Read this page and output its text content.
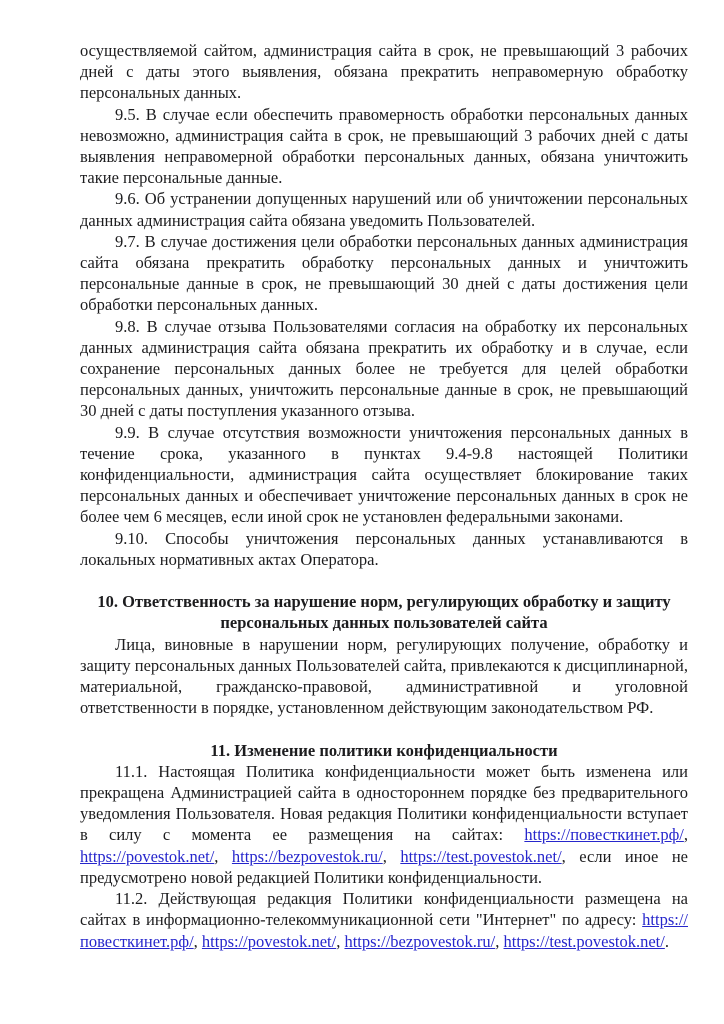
осуществляемой сайтом, администрация сайта в срок, не превышающий 3 рабочих дней с даты этого выявления, обязана прекратить неправомерную обработку персональных данных.

9.5. В случае если обеспечить правомерность обработки персональных данных невозможно, администрация сайта в срок, не превышающий 3 рабочих дней с даты выявления неправомерной обработки персональных данных, обязана уничтожить такие персональные данные.

9.6. Об устранении допущенных нарушений или об уничтожении персональных данных администрация сайта обязана уведомить Пользователей.

9.7. В случае достижения цели обработки персональных данных администрация сайта обязана прекратить обработку персональных данных и уничтожить персональные данные в срок, не превышающий 30 дней с даты достижения цели обработки персональных данных.

9.8. В случае отзыва Пользователями согласия на обработку их персональных данных администрация сайта обязана прекратить их обработку и в случае, если сохранение персональных данных более не требуется для целей обработки персональных данных, уничтожить персональные данные в срок, не превышающий 30 дней с даты поступления указанного отзыва.

9.9. В случае отсутствия возможности уничтожения персональных данных в течение срока, указанного в пунктах 9.4-9.8 настоящей Политики конфиденциальности, администрация сайта осуществляет блокирование таких персональных данных и обеспечивает уничтожение персональных данных в срок не более чем 6 месяцев, если иной срок не установлен федеральными законами.

9.10. Способы уничтожения персональных данных устанавливаются в локальных нормативных актах Оператора.

10. Ответственность за нарушение норм, регулирующих обработку и защиту персональных данных пользователей сайта

Лица, виновные в нарушении норм, регулирующих получение, обработку и защиту персональных данных Пользователей сайта, привлекаются к дисциплинарной, материальной, гражданско-правовой, административной и уголовной ответственности в порядке, установленном действующим законодательством РФ.

11. Изменение политики конфиденциальности

11.1. Настоящая Политика конфиденциальности может быть изменена или прекращена Администрацией сайта в одностороннем порядке без предварительного уведомления Пользователя. Новая редакция Политики конфиденциальности вступает в силу с момента ее размещения на сайтах: https://повесткинет.рф/, https://povestok.net/, https://bezpovestok.ru/, https://test.povestok.net/, если иное не предусмотрено новой редакцией Политики конфиденциальности.

11.2. Действующая редакция Политики конфиденциальности размещена на сайтах в информационно-телекоммуникационной сети "Интернет" по адресу: https://повесткинет.рф/, https://povestok.net/, https://bezpovestok.ru/, https://test.povestok.net/.
